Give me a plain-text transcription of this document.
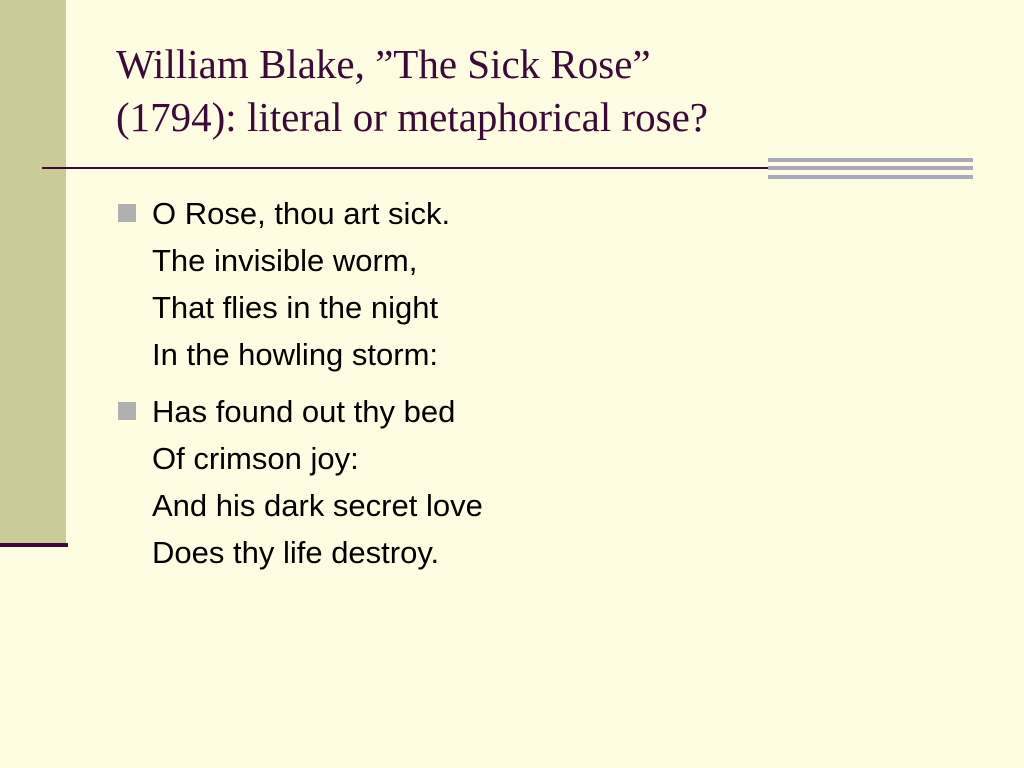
William Blake, ”The Sick Rose”
(1794): literal or metaphorical rose?
O Rose, thou art sick.
The invisible worm,
That flies in the night
In the howling storm:
Has found out thy bed
Of crimson joy:
And his dark secret love
Does thy life destroy.
